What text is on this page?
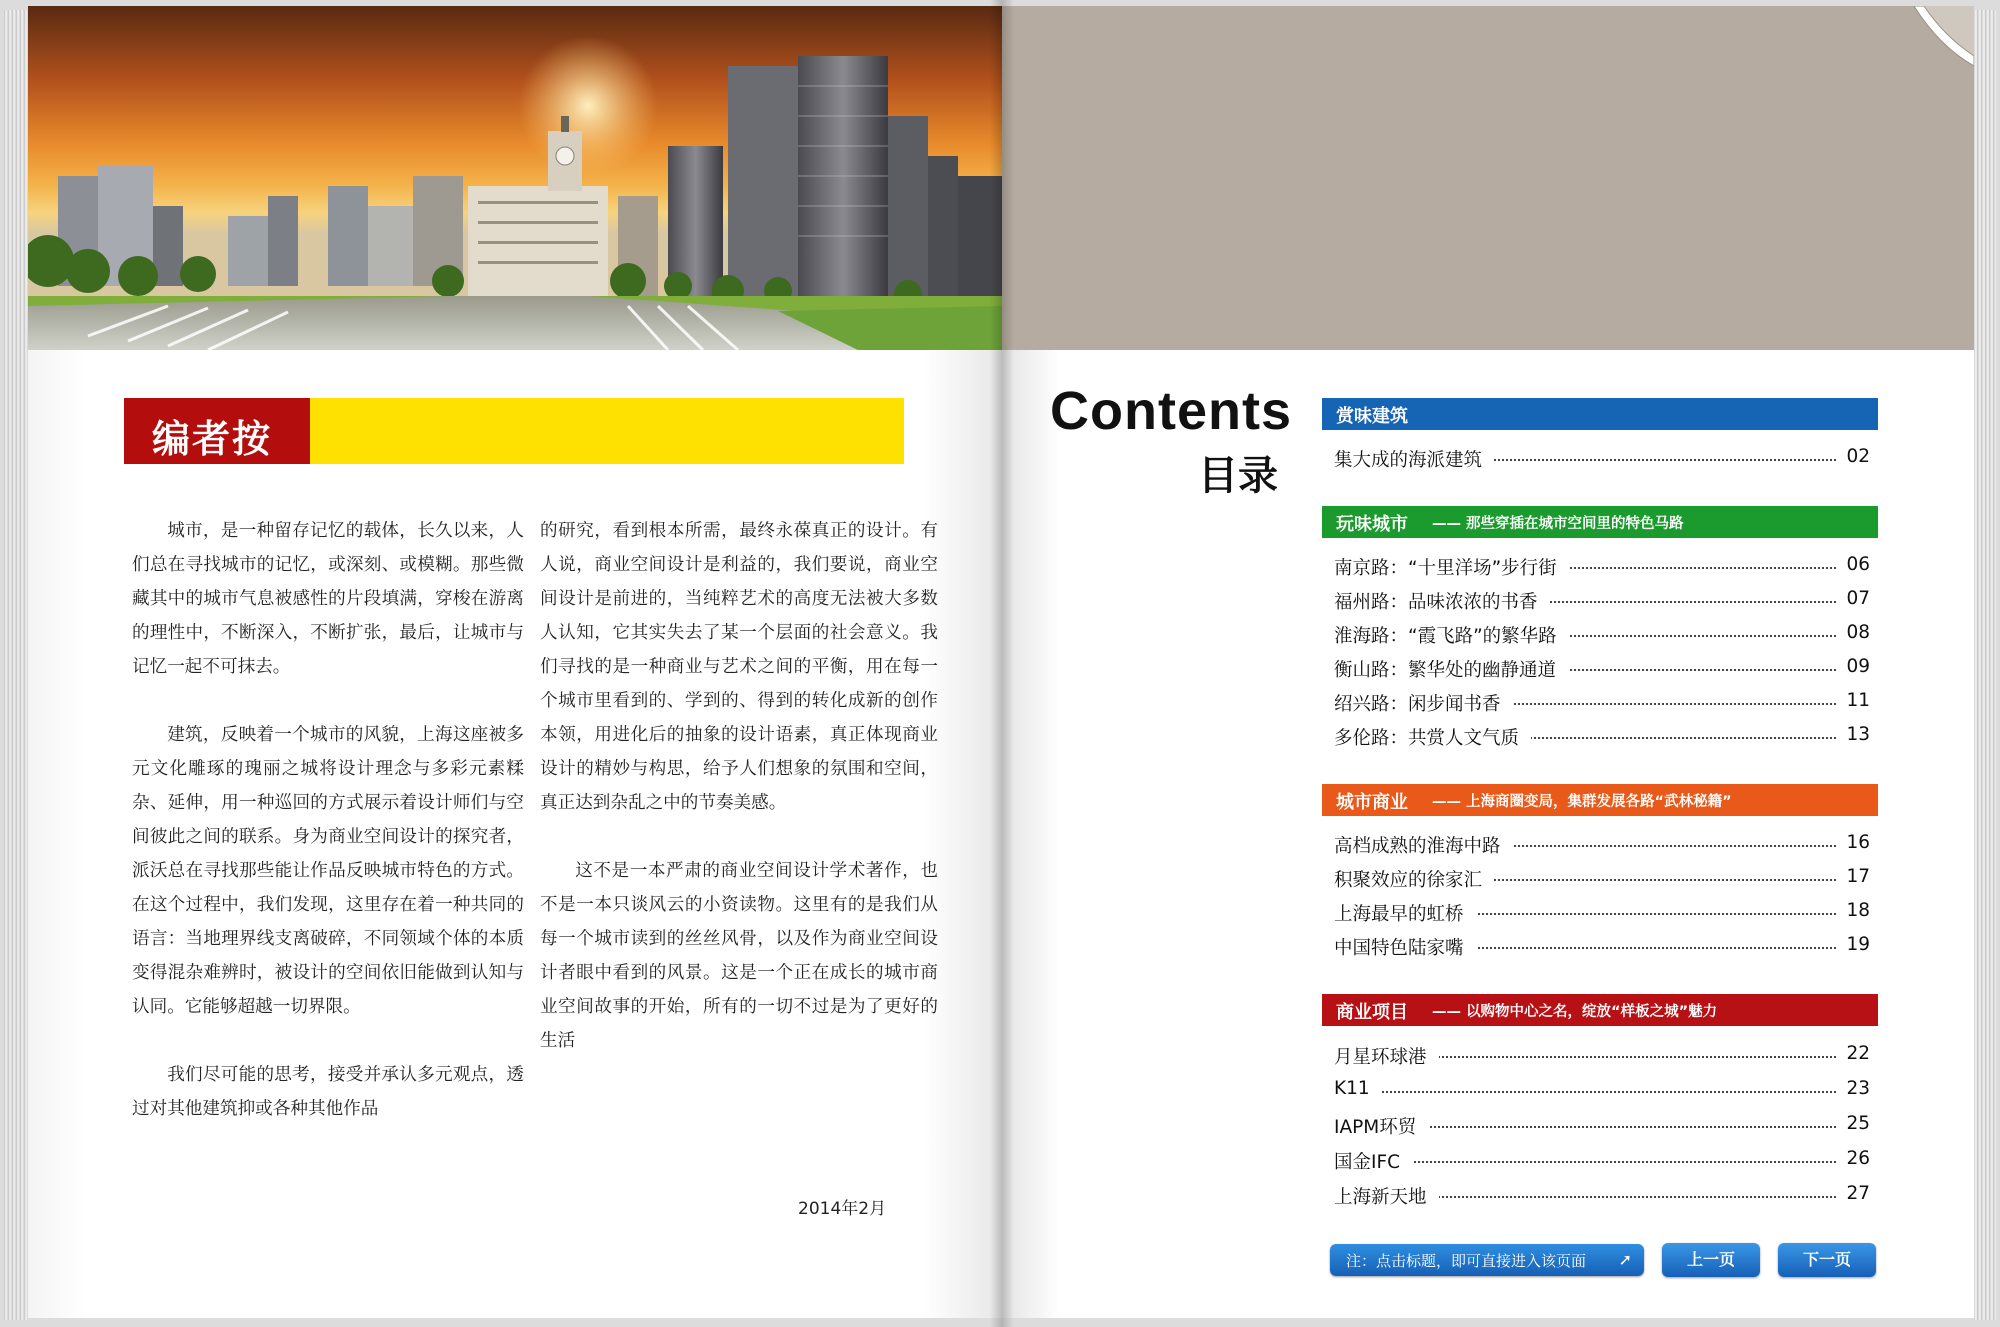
编者按

城市，是一种留存记忆的载体，长久以来，人们总在寻找城市的记忆，或深刻、或模糊。那些微藏其中的城市气息被感性的片段填满，穿梭在游离的理性中，不断深入，不断扩张，最后，让城市与记忆一起不可抹去。

建筑，反映着一个城市的风貌，上海这座被多元文化雕琢的瑰丽之城将设计理念与多彩元素糅杂、延伸，用一种巡回的方式展示着设计师们与空间彼此之间的联系。身为商业空间设计的探究者，派沃总在寻找那些能让作品反映城市特色的方式。在这个过程中，我们发现，这里存在着一种共同的语言：当地理界线支离破碎，不同领域个体的本质变得混杂难辨时，被设计的空间依旧能做到认知与认同。它能够超越一切界限。

我们尽可能的思考，接受并承认多元观点，透过对其他建筑抑或各种其他作品

的研究，看到根本所需，最终永葆真正的设计。有人说，商业空间设计是利益的，我们要说，商业空间设计是前进的，当纯粹艺术的高度无法被大多数人认知，它其实失去了某一个层面的社会意义。我们寻找的是一种商业与艺术之间的平衡，用在每一个城市里看到的、学到的、得到的转化成新的创作本领，用进化后的抽象的设计语素，真正体现商业设计的精妙与构思，给予人们想象的氛围和空间，真正达到杂乱之中的节奏美感。

这不是一本严肃的商业空间设计学术著作，也不是一本只谈风云的小资读物。这里有的是我们从每一个城市读到的丝丝风骨，以及作为商业空间设计者眼中看到的风景。这是一个正在成长的城市商业空间故事的开始，所有的一切不过是为了更好的生活

2014年2月
Contents
目录
赏味建筑
玩味城市 —— 那些穿插在城市空间里的特色马路
城市商业 —— 上海商圈变局，集群发展各路“武林秘籍”
商业项目 —— 以购物中心之名，绽放“样板之城”魅力
集大成的海派建筑	02
南京路：“十里洋场”步行街	06
福州路：品味浓浓的书香	07
淮海路：“霞飞路”的繁华路	08
衡山路：繁华处的幽静通道	09
绍兴路：闲步闻书香	11
多伦路：共赏人文气质	13
高档成熟的淮海中路	16
积聚效应的徐家汇	17
上海最早的虹桥	18
中国特色陆家嘴	19
月星环球港	22
K11	23
IAPM环贸	25
国金IFC	26
上海新天地	27
注：点击标题，即可直接进入该页面 ➚	上一页	下一页
